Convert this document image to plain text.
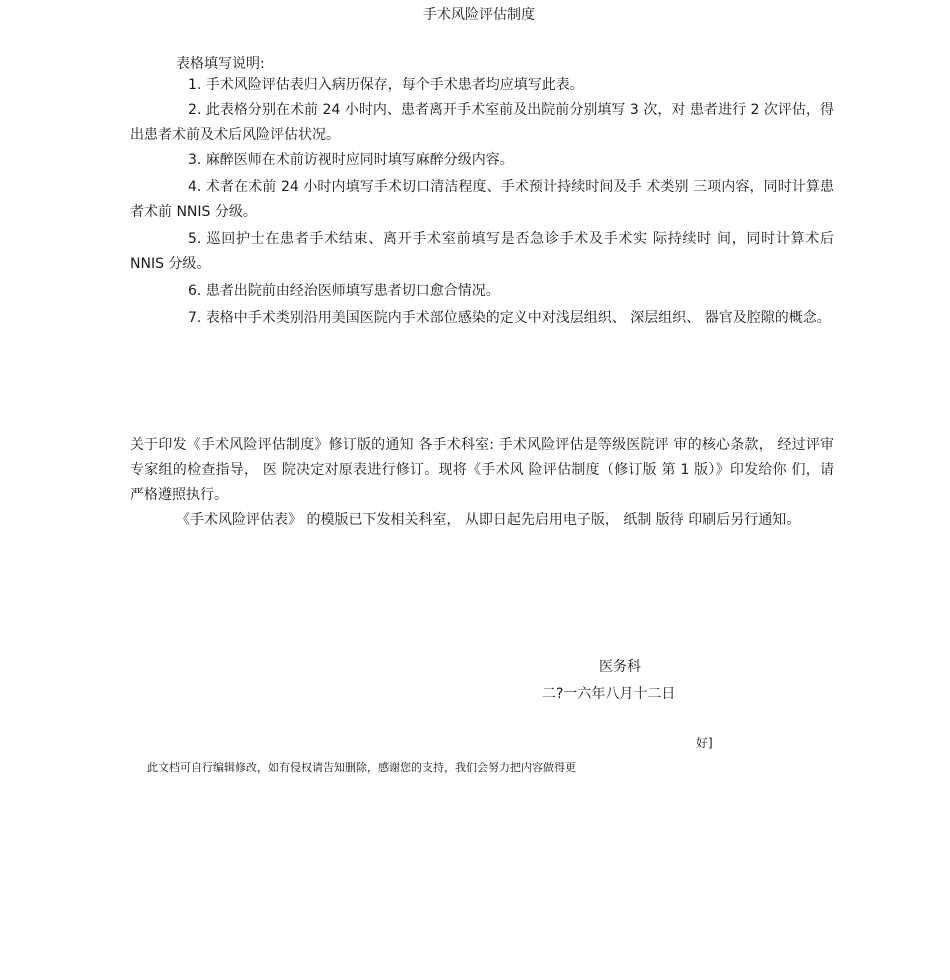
手术风险评估制度
表格填写说明:

1. 手术风险评估表归入病历保存，每个手术患者均应填写此表。

2. 此表格分别在术前 24 小时内、患者离开手术室前及出院前分别填写 3 次，对 患者进行 2 次评估，得出患者术前及术后风险评估状况。

3. 麻醉医师在术前访视时应同时填写麻醉分级内容。

4. 术者在术前 24 小时内填写手术切口清洁程度、手术预计持续时间及手 术类别 三项内容，同时计算患者术前 NNIS 分级。

5. 巡回护士在患者手术结束、离开手术室前填写是否急诊手术及手术实 际持续时 间，同时计算术后 NNIS 分级。

6. 患者出院前由经治医师填写患者切口愈合情况。

7. 表格中手术类别沿用美国医院内手术部位感染的定义中对浅层组织、 深层组织、 器官及腔隙的概念。

关于印发《手术风险评估制度》修订版的通知 各手术科室: 手术风险评估是等级医院评 审的核心条款， 经过评审专家组的检查指导， 医 院决定对原表进行修订。现将《手术风 险评估制度（修订版 第 1 版）》印发给你 们，请严格遵照执行。

《手术风险评估表》 的模版已下发相关科室， 从即日起先启用电子版， 纸制 版待 印刷后另行通知。

医务科
二?一六年八月十二日
好]
此文档可自行编辑修改，如有侵权请告知删除，感谢您的支持，我们会努力把内容做得更
